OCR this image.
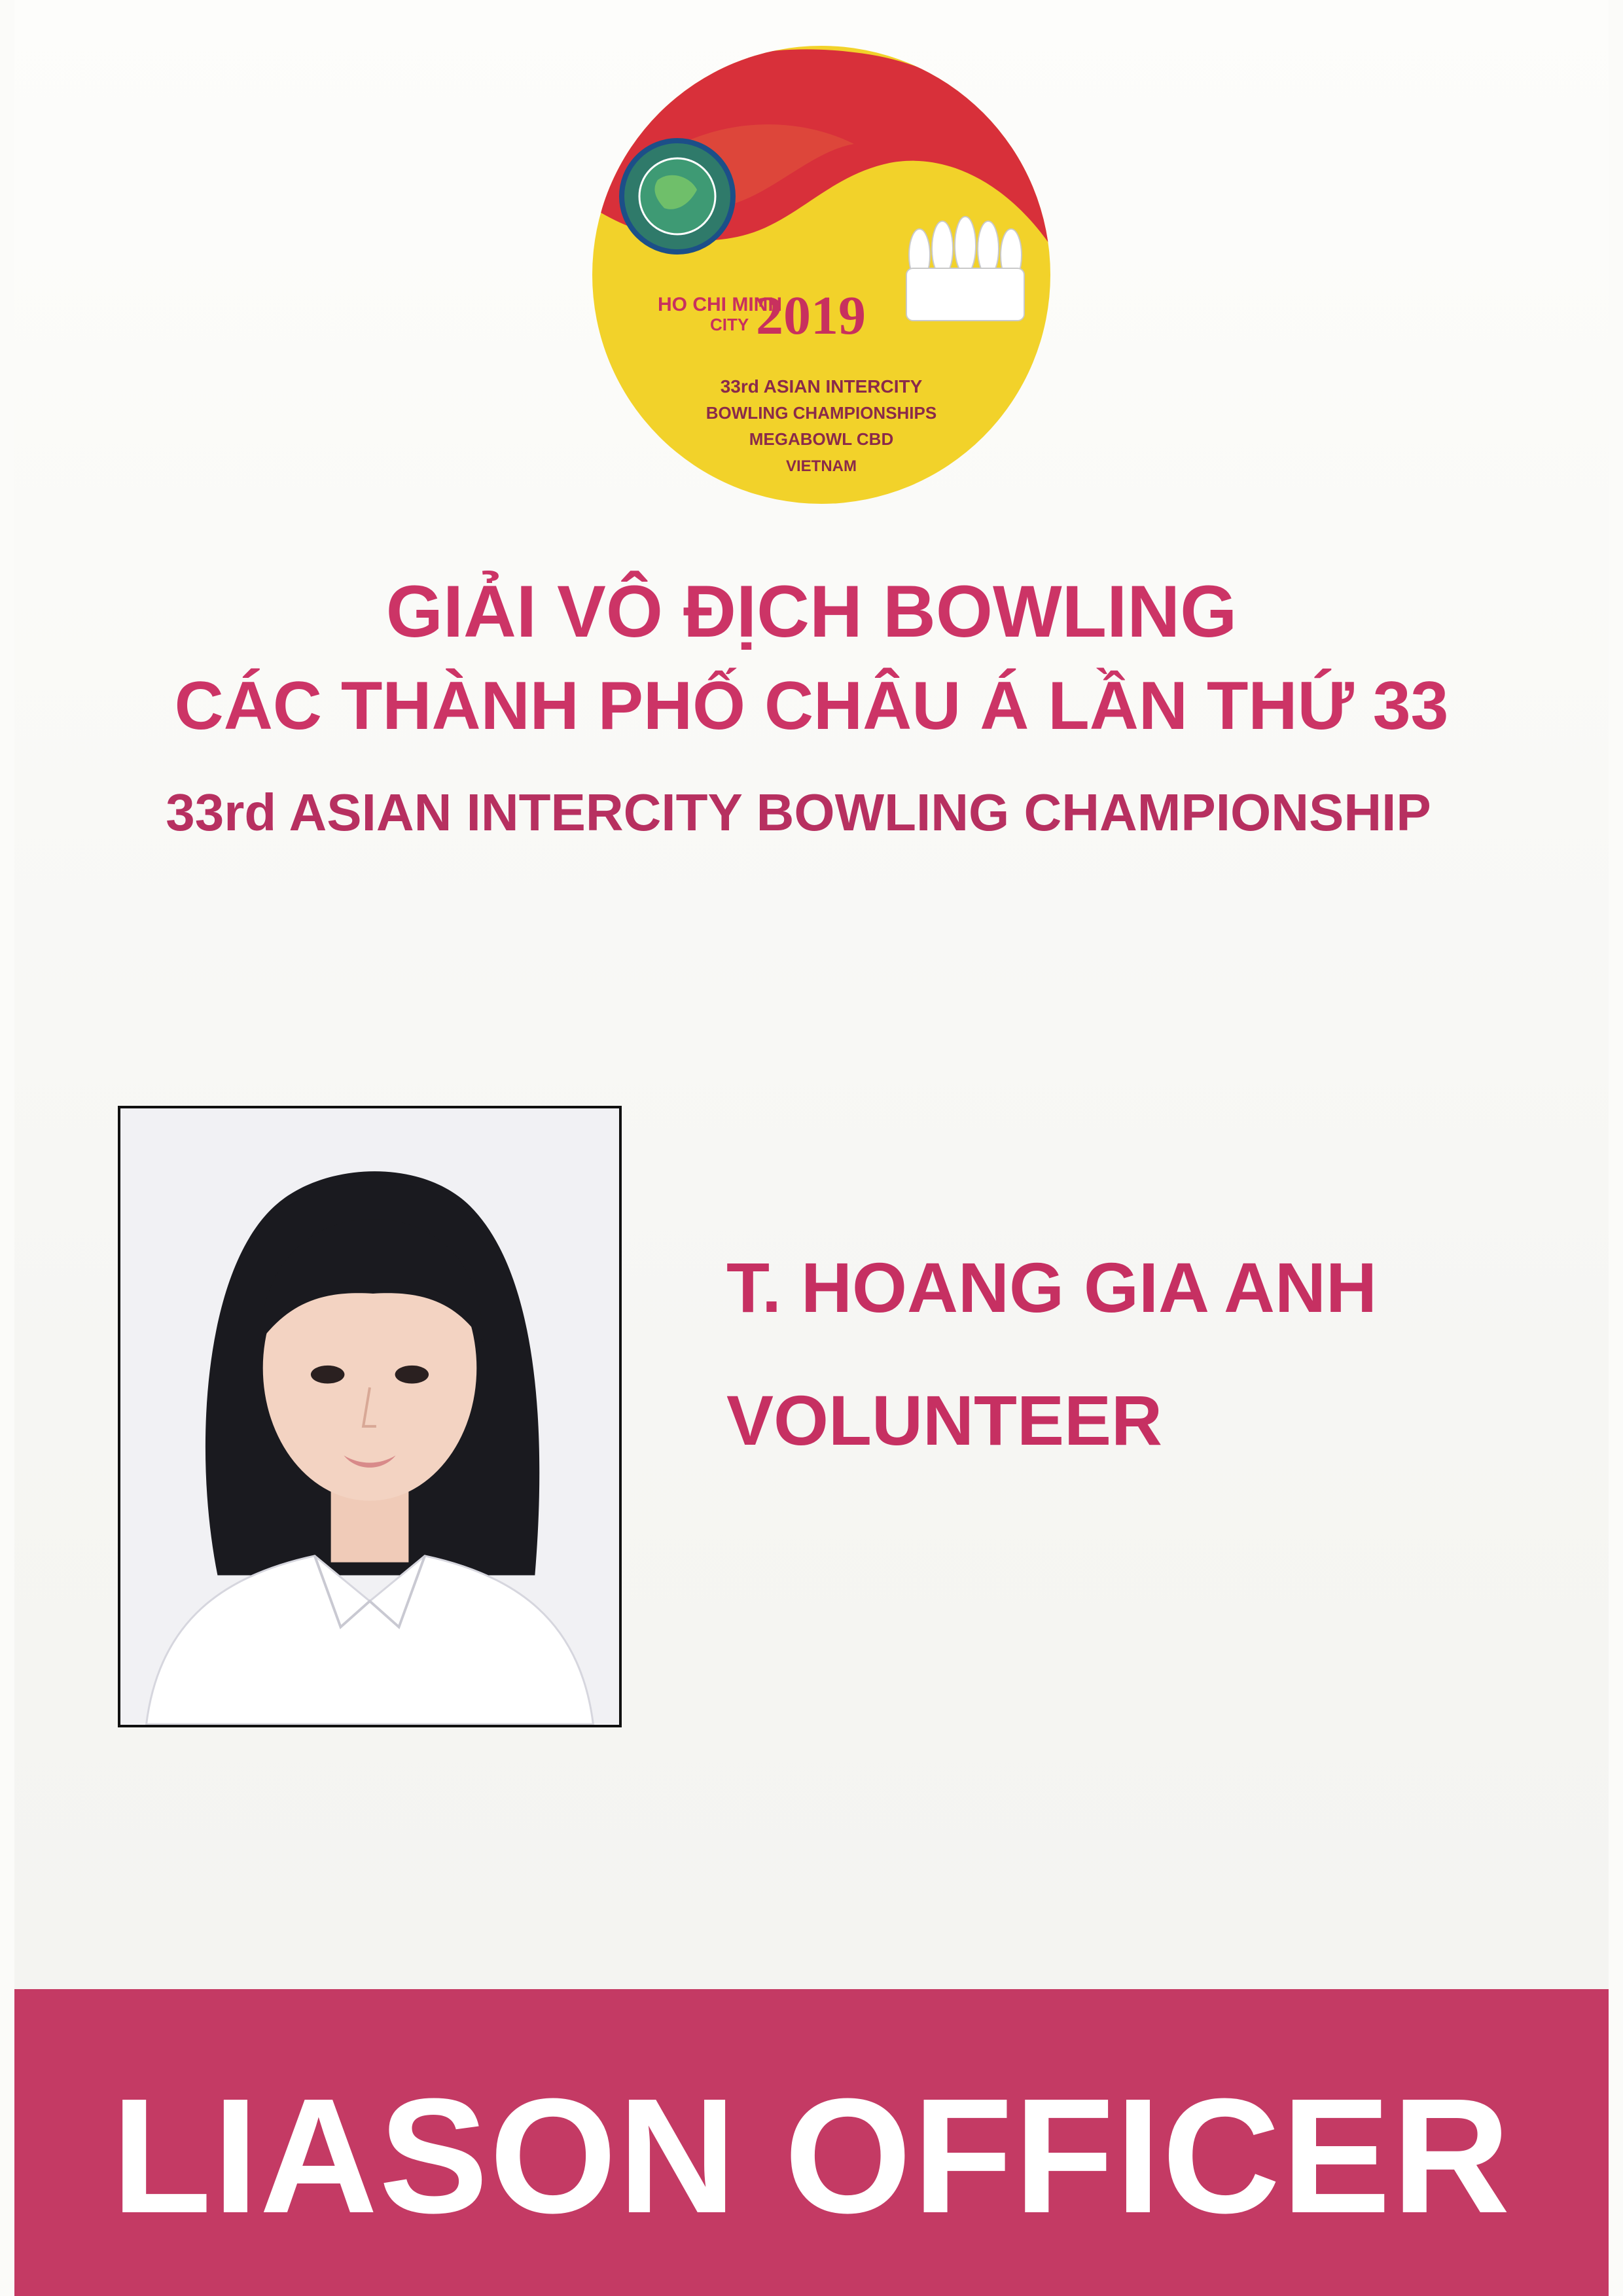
HO CHI MINH
CITY 2019
33rd ASIAN INTERCITY
BOWLING CHAMPIONSHIPS
MEGABOWL CBD
VIETNAM
GIẢI VÔ ĐỊCH BOWLING
CÁC THÀNH PHỐ CHÂU Á LẦN THỨ 33
33rd ASIAN INTERCITY BOWLING CHAMPIONSHIP
T. HOANG GIA ANH
VOLUNTEER
LIASON OFFICER
